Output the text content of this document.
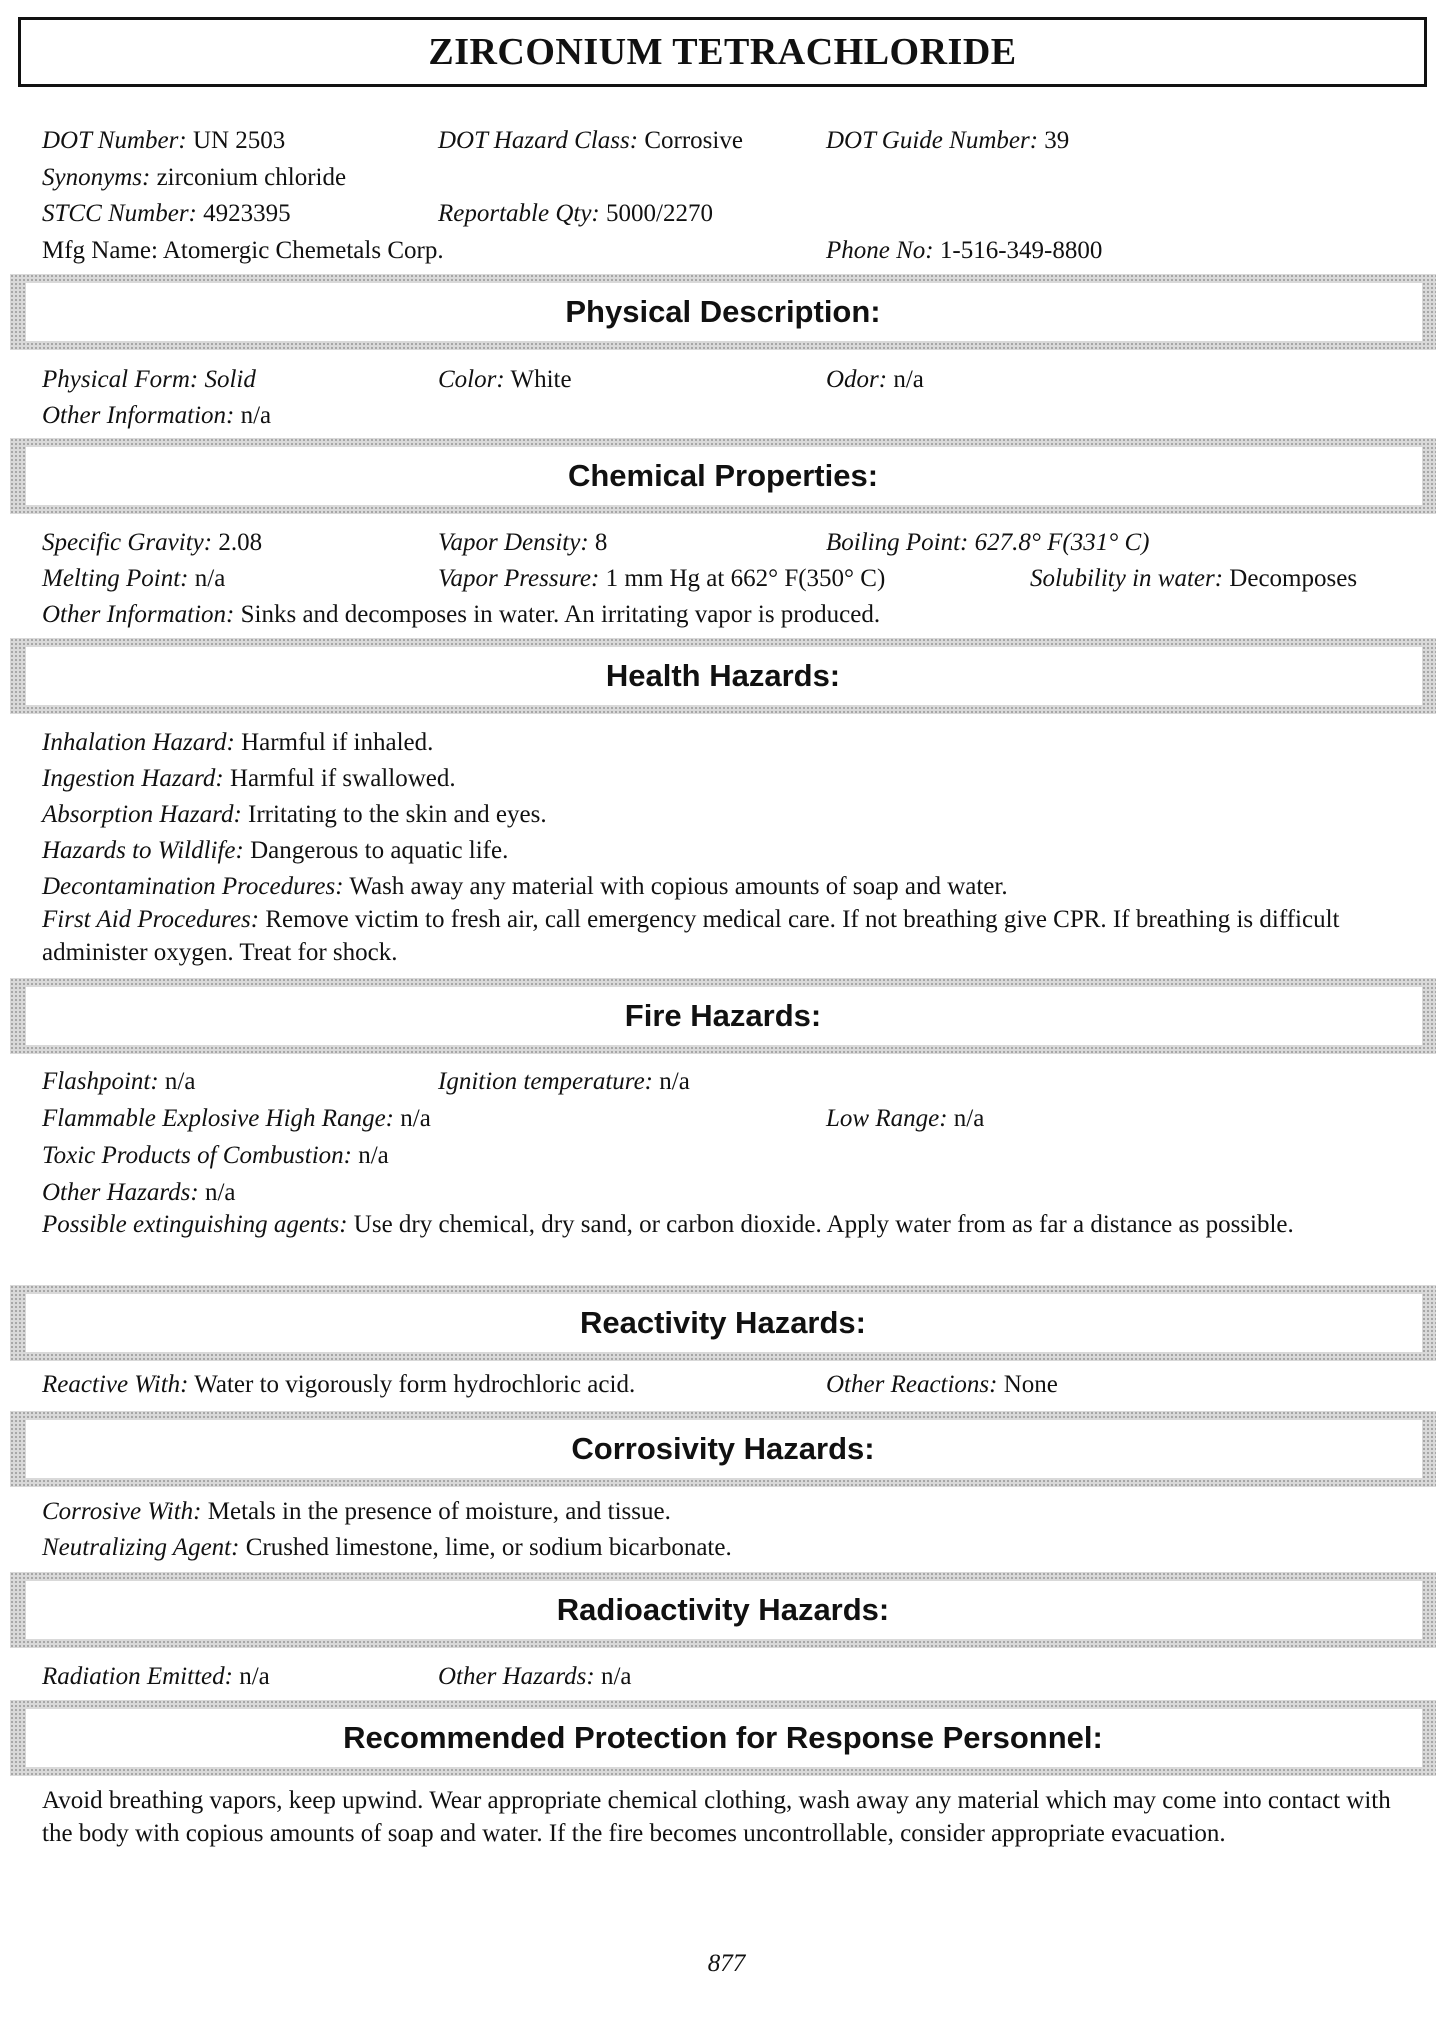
ZIRCONIUM TETRACHLORIDE
DOT Number: UN 2503	DOT Hazard Class: Corrosive	DOT Guide Number: 39
Synonyms: zirconium chloride
STCC Number: 4923395	Reportable Qty: 5000/2270
Mfg Name: Atomergic Chemetals Corp.	Phone No: 1-516-349-8800
Physical Description:
Physical Form: Solid	Color: White	Odor: n/a
Other Information: n/a
Chemical Properties:
Specific Gravity: 2.08	Vapor Density: 8	Boiling Point: 627.8° F(331° C)
Melting Point: n/a	Vapor Pressure: 1 mm Hg at 662° F(350° C)	Solubility in water: Decomposes
Other Information: Sinks and decomposes in water. An irritating vapor is produced.
Health Hazards:
Inhalation Hazard: Harmful if inhaled.
Ingestion Hazard: Harmful if swallowed.
Absorption Hazard: Irritating to the skin and eyes.
Hazards to Wildlife: Dangerous to aquatic life.
Decontamination Procedures: Wash away any material with copious amounts of soap and water.
First Aid Procedures: Remove victim to fresh air, call emergency medical care. If not breathing give CPR. If breathing is difficult administer oxygen. Treat for shock.
Fire Hazards:
Flashpoint: n/a	Ignition temperature: n/a
Flammable Explosive High Range: n/a	Low Range: n/a
Toxic Products of Combustion: n/a
Other Hazards: n/a
Possible extinguishing agents: Use dry chemical, dry sand, or carbon dioxide. Apply water from as far a distance as possible.
Reactivity Hazards:
Reactive With: Water to vigorously form hydrochloric acid.	Other Reactions: None
Corrosivity Hazards:
Corrosive With: Metals in the presence of moisture, and tissue.
Neutralizing Agent: Crushed limestone, lime, or sodium bicarbonate.
Radioactivity Hazards:
Radiation Emitted: n/a	Other Hazards: n/a
Recommended Protection for Response Personnel:
Avoid breathing vapors, keep upwind. Wear appropriate chemical clothing, wash away any material which may come into contact with the body with copious amounts of soap and water. If the fire becomes uncontrollable, consider appropriate evacuation.
877
